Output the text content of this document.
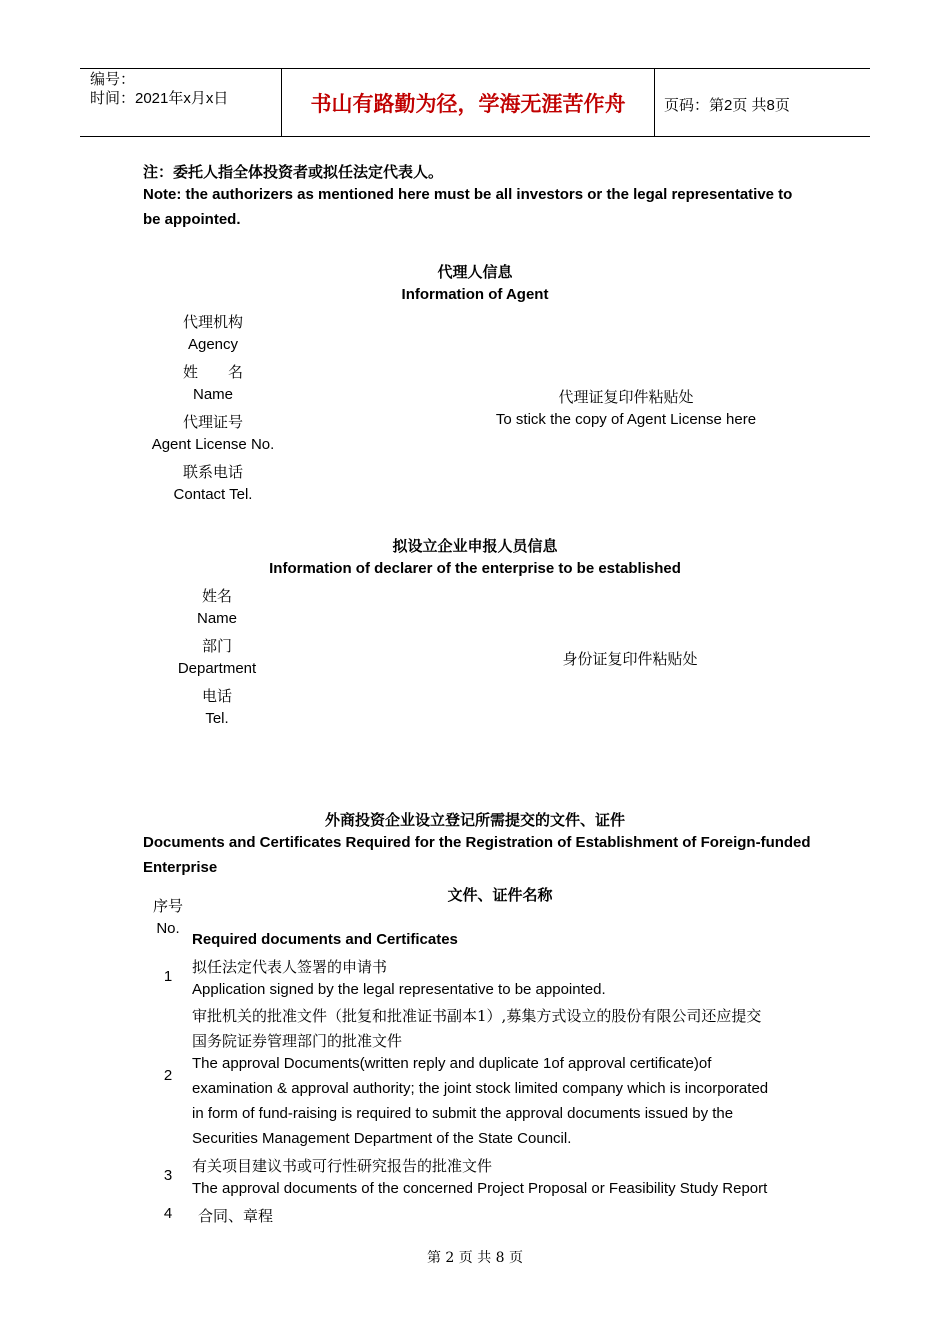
编号：
时间：2021年x月x日	书山有路勤为径，学海无涯苦作舟	页码：第2页 共8页
注：委托人指全体投资者或拟任法定代表人。
Note: the authorizers as mentioned here must be all investors or the legal representative to
be appointed.
代理人信息
Information of Agent
代理机构
Agency
姓　　名
Name
代理证号
Agent License No.
联系电话
Contact Tel.
代理证复印件粘贴处
To stick the copy of Agent License here
拟设立企业申报人员信息
Information of declarer of the enterprise to be established
姓名
Name
部门
Department
电话
Tel.
身份证复印件粘贴处
外商投资企业设立登记所需提交的文件、证件
Documents and Certificates Required for the Registration of Establishment of Foreign-funded
Enterprise
序号
No.
文件、证件名称
Required documents and Certificates
1
拟任法定代表人签署的申请书
Application signed by the legal representative to be appointed.
2
审批机关的批准文件（批复和批准证书副本1）,募集方式设立的股份有限公司还应提交
国务院证券管理部门的批准文件
The approval Documents(written reply and duplicate 1of approval certificate)of
examination & approval authority; the joint stock limited company which is incorporated
in form of fund-raising is required to submit the approval documents issued by the
Securities Management Department of the State Council.
3
有关项目建议书或可行性研究报告的批准文件
The approval documents of the concerned Project Proposal or Feasibility Study Report
4	合同、章程
第 2 页 共 8 页
